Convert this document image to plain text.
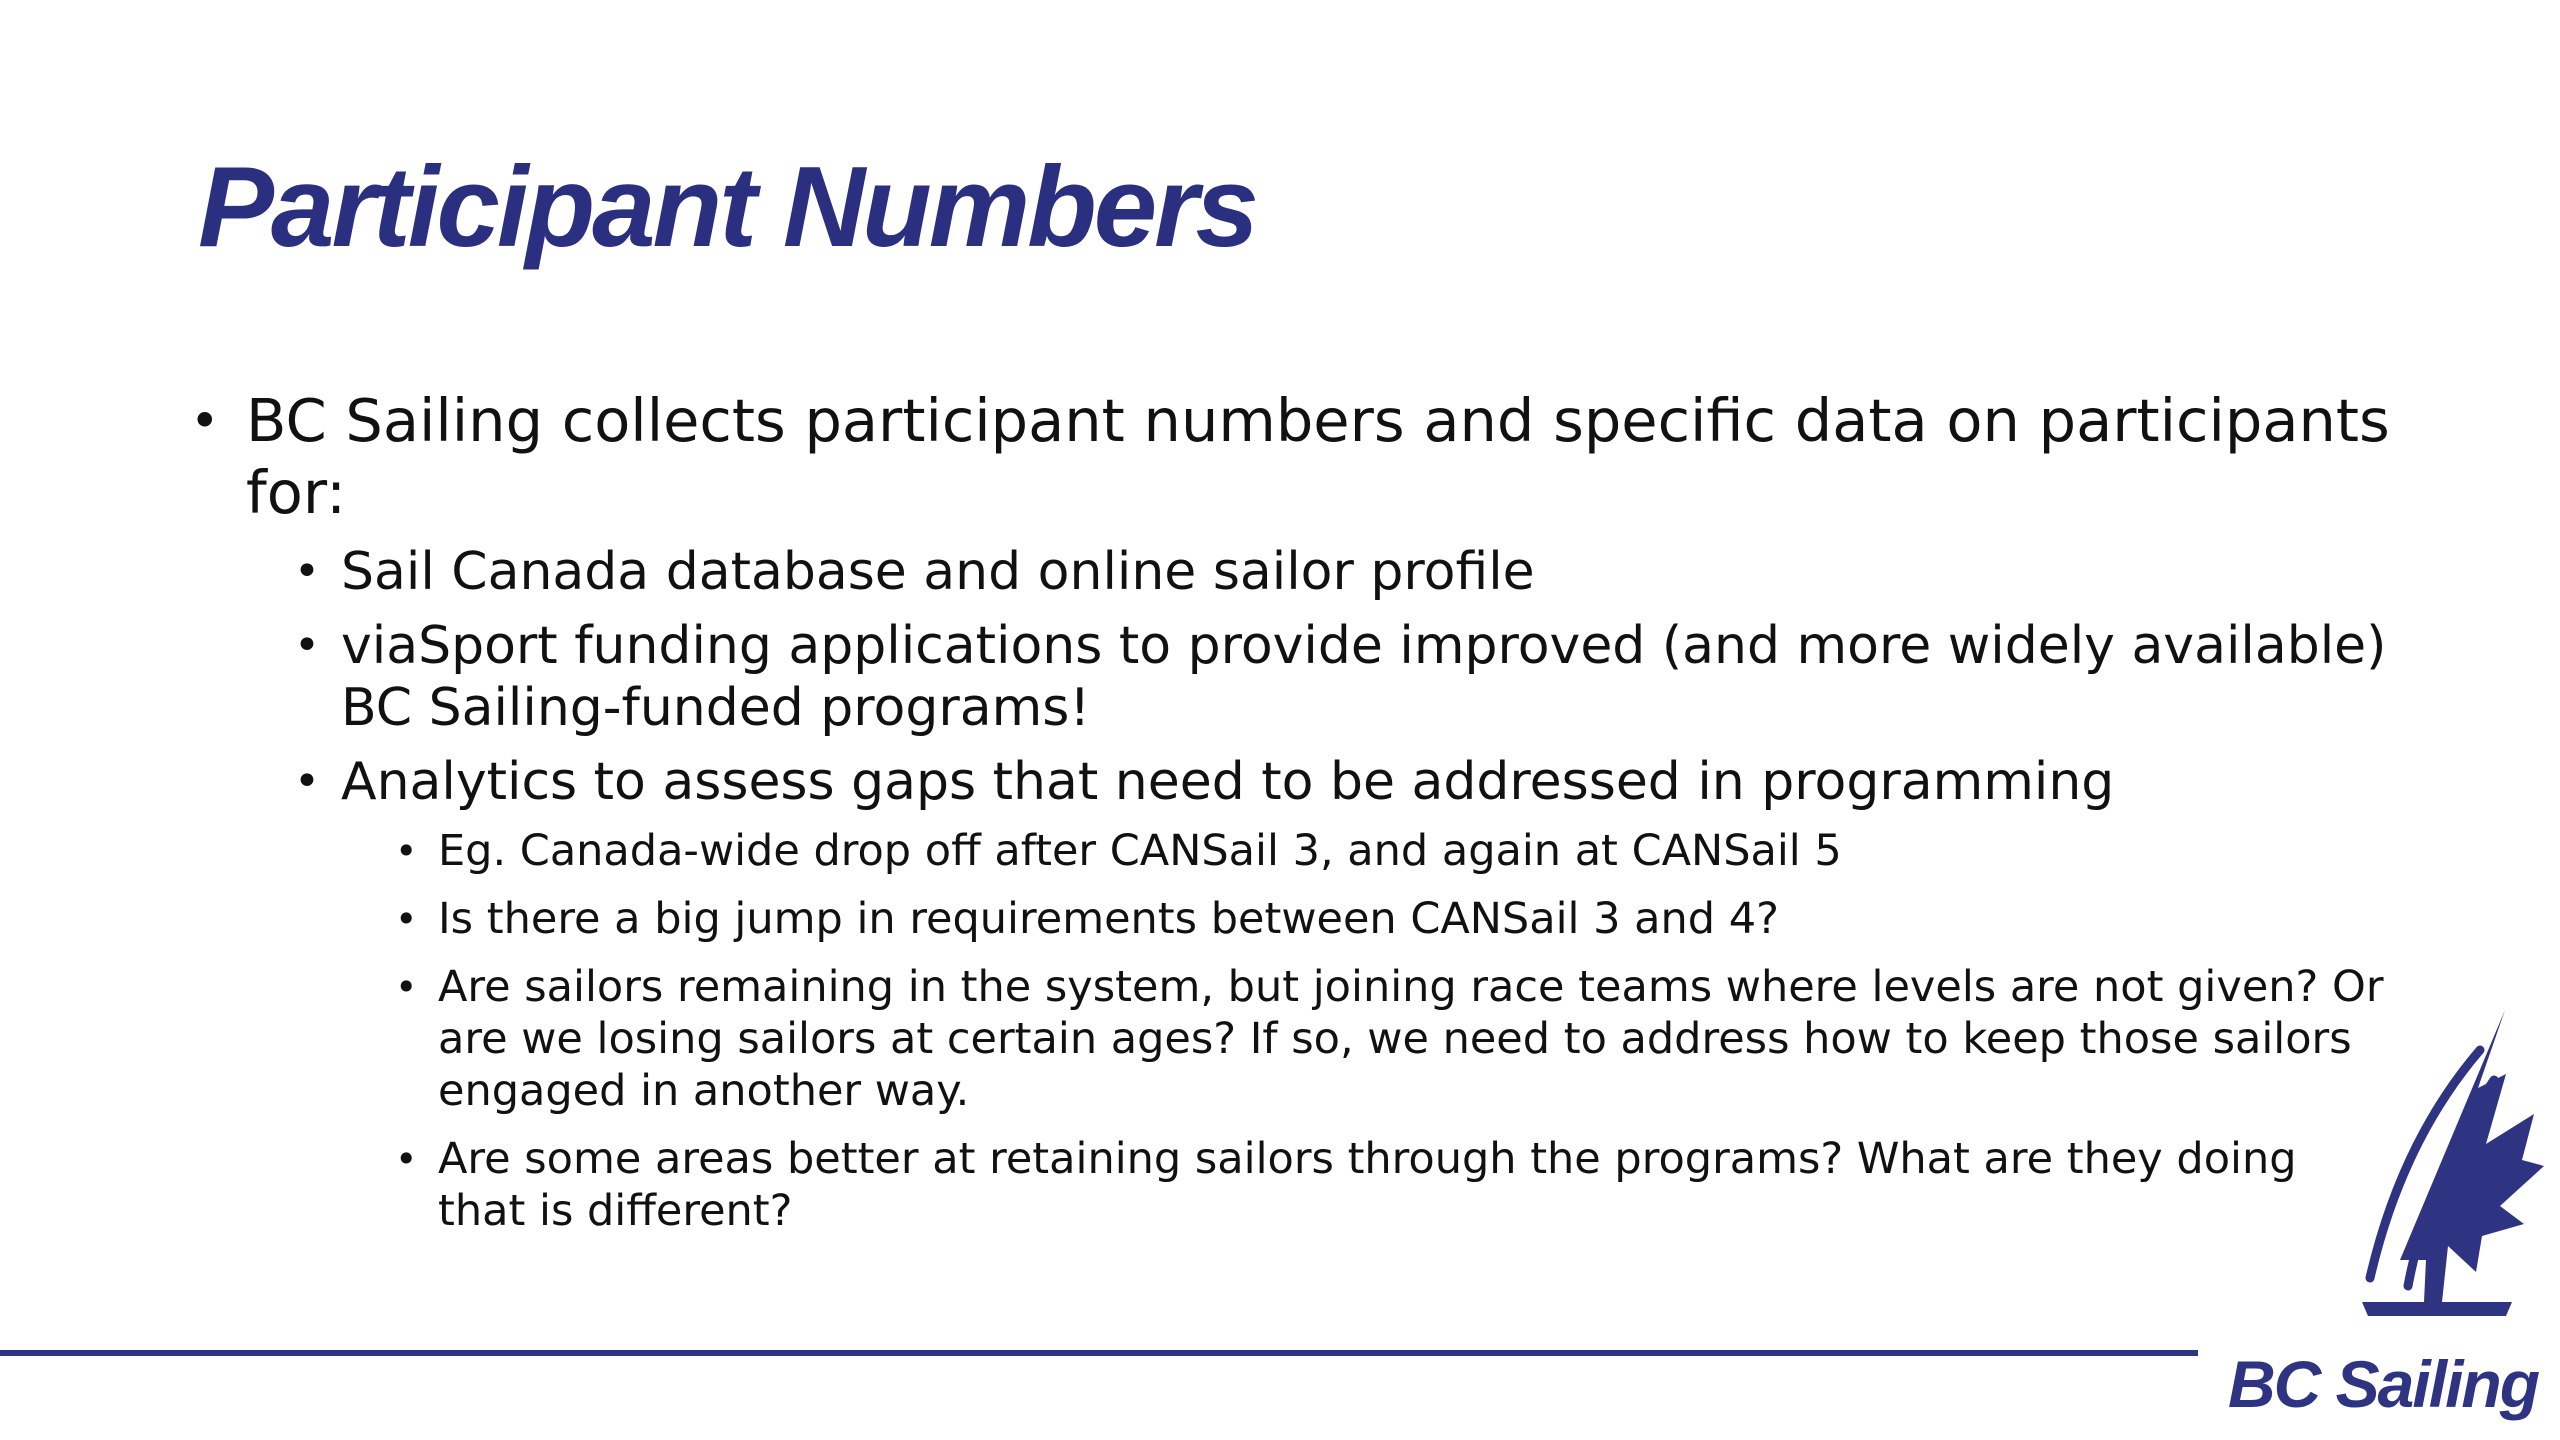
Participant Numbers
• BC Sailing collects participant numbers and specific data on participants for:
• Sail Canada database and online sailor profile
• viaSport funding applications to provide improved (and more widely available) BC Sailing-funded programs!
• Analytics to assess gaps that need to be addressed in programming
• Eg. Canada-wide drop off after CANSail 3, and again at CANSail 5
• Is there a big jump in requirements between CANSail 3 and 4?
• Are sailors remaining in the system, but joining race teams where levels are not given? Or are we losing sailors at certain ages? If so, we need to address how to keep those sailors engaged in another way.
• Are some areas better at retaining sailors through the programs? What are they doing that is different?
BC Sailing
